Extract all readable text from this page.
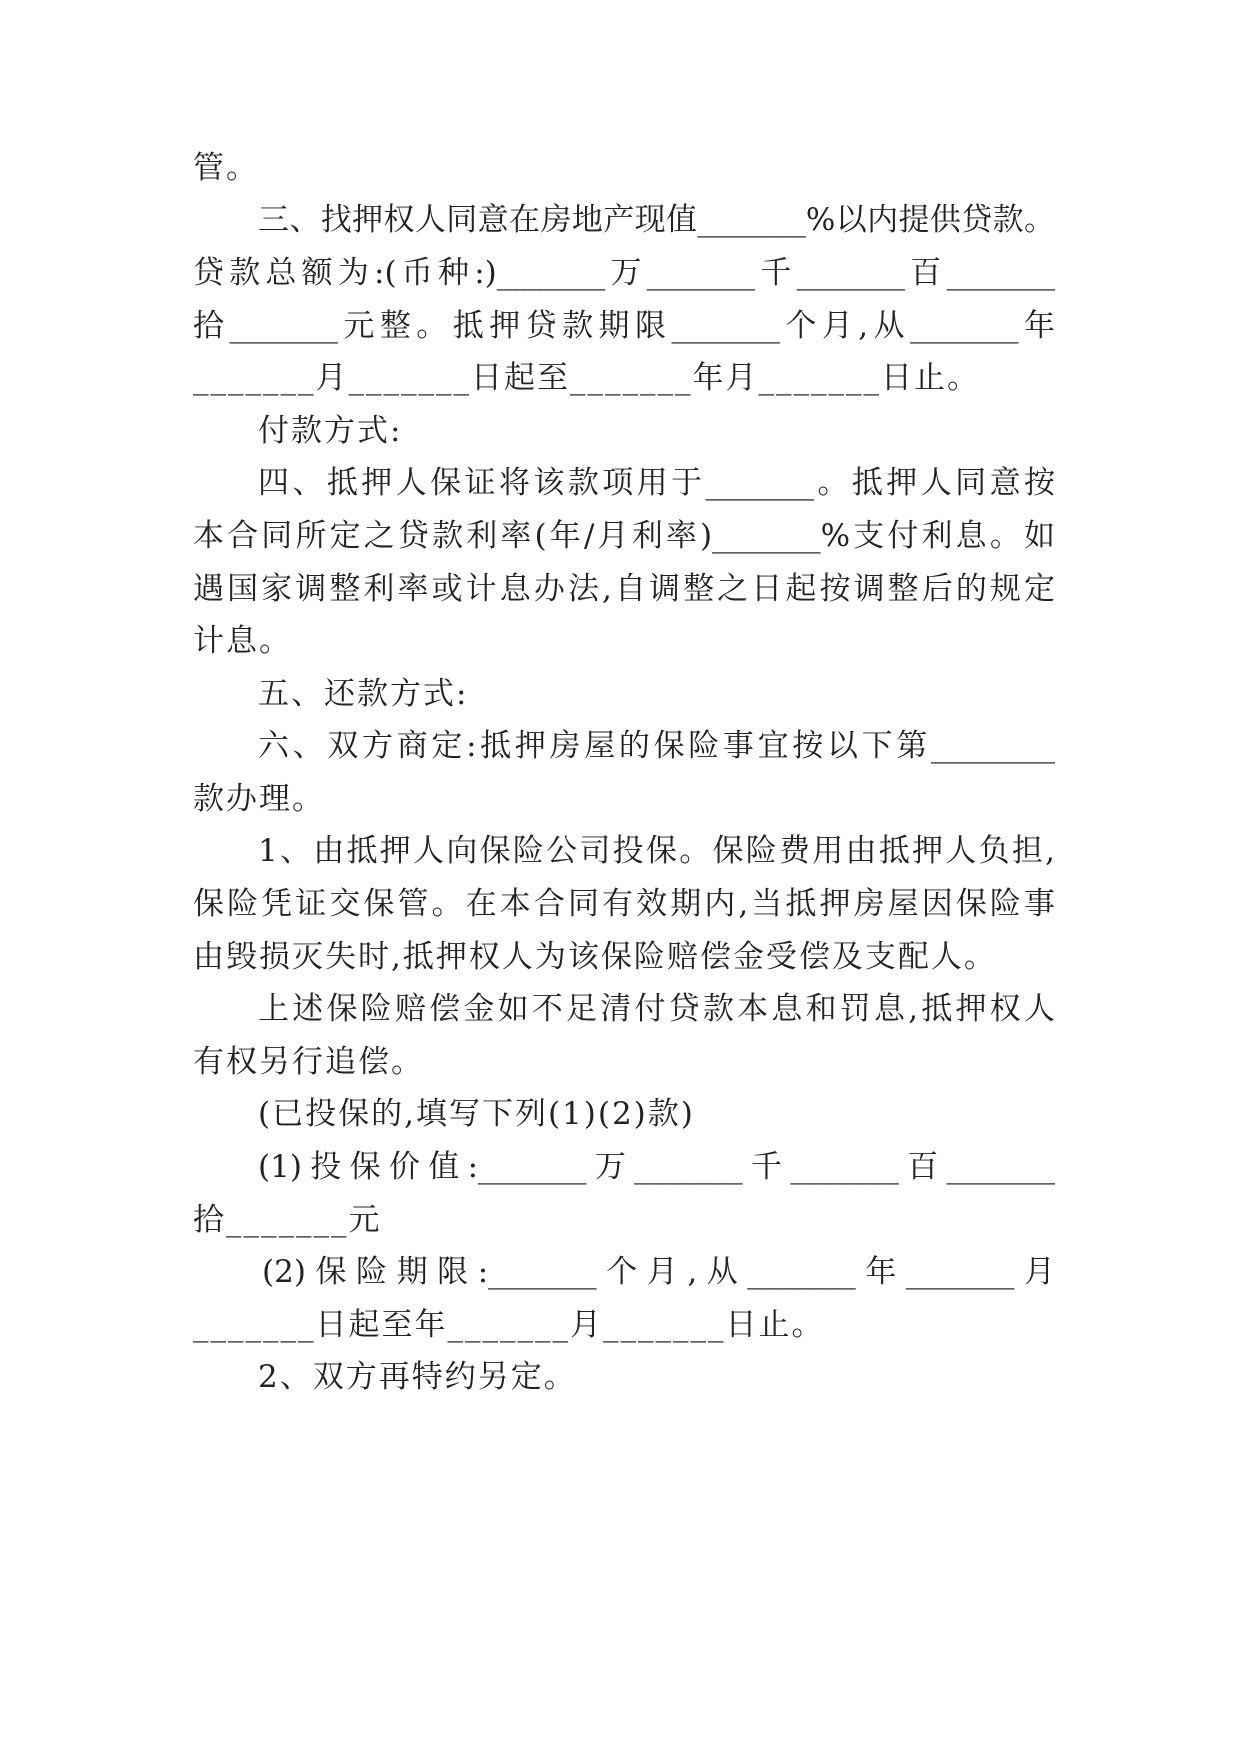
管。

三、找押权人同意在房地产现值_______%以内提供贷款。

贷款总额为:(币种:)_______万_______千_______百_______

拾_______元整。抵押贷款期限_______个月,从_______年

_______月_______日起至_______年月_______日止。

付款方式:

四、抵押人保证将该款项用于_______。抵押人同意按

本合同所定之贷款利率(年/月利率)_______%支付利息。如

遇国家调整利率或计息办法,自调整之日起按调整后的规定

计息。

五、还款方式:

六、双方商定:抵押房屋的保险事宜按以下第________

款办理。

1、由抵押人向保险公司投保。保险费用由抵押人负担,

保险凭证交保管。在本合同有效期内,当抵押房屋因保险事

由毁损灭失时,抵押权人为该保险赔偿金受偿及支配人。

上述保险赔偿金如不足清付贷款本息和罚息,抵押权人

有权另行追偿。

(已投保的,填写下列(1)(2)款)

(1)投保价值:_______万_______千_______百_______

拾_______元

(2)保险期限:_______个月,从_______年_______月

_______日起至年_______月_______日止。

2、双方再特约另定。
